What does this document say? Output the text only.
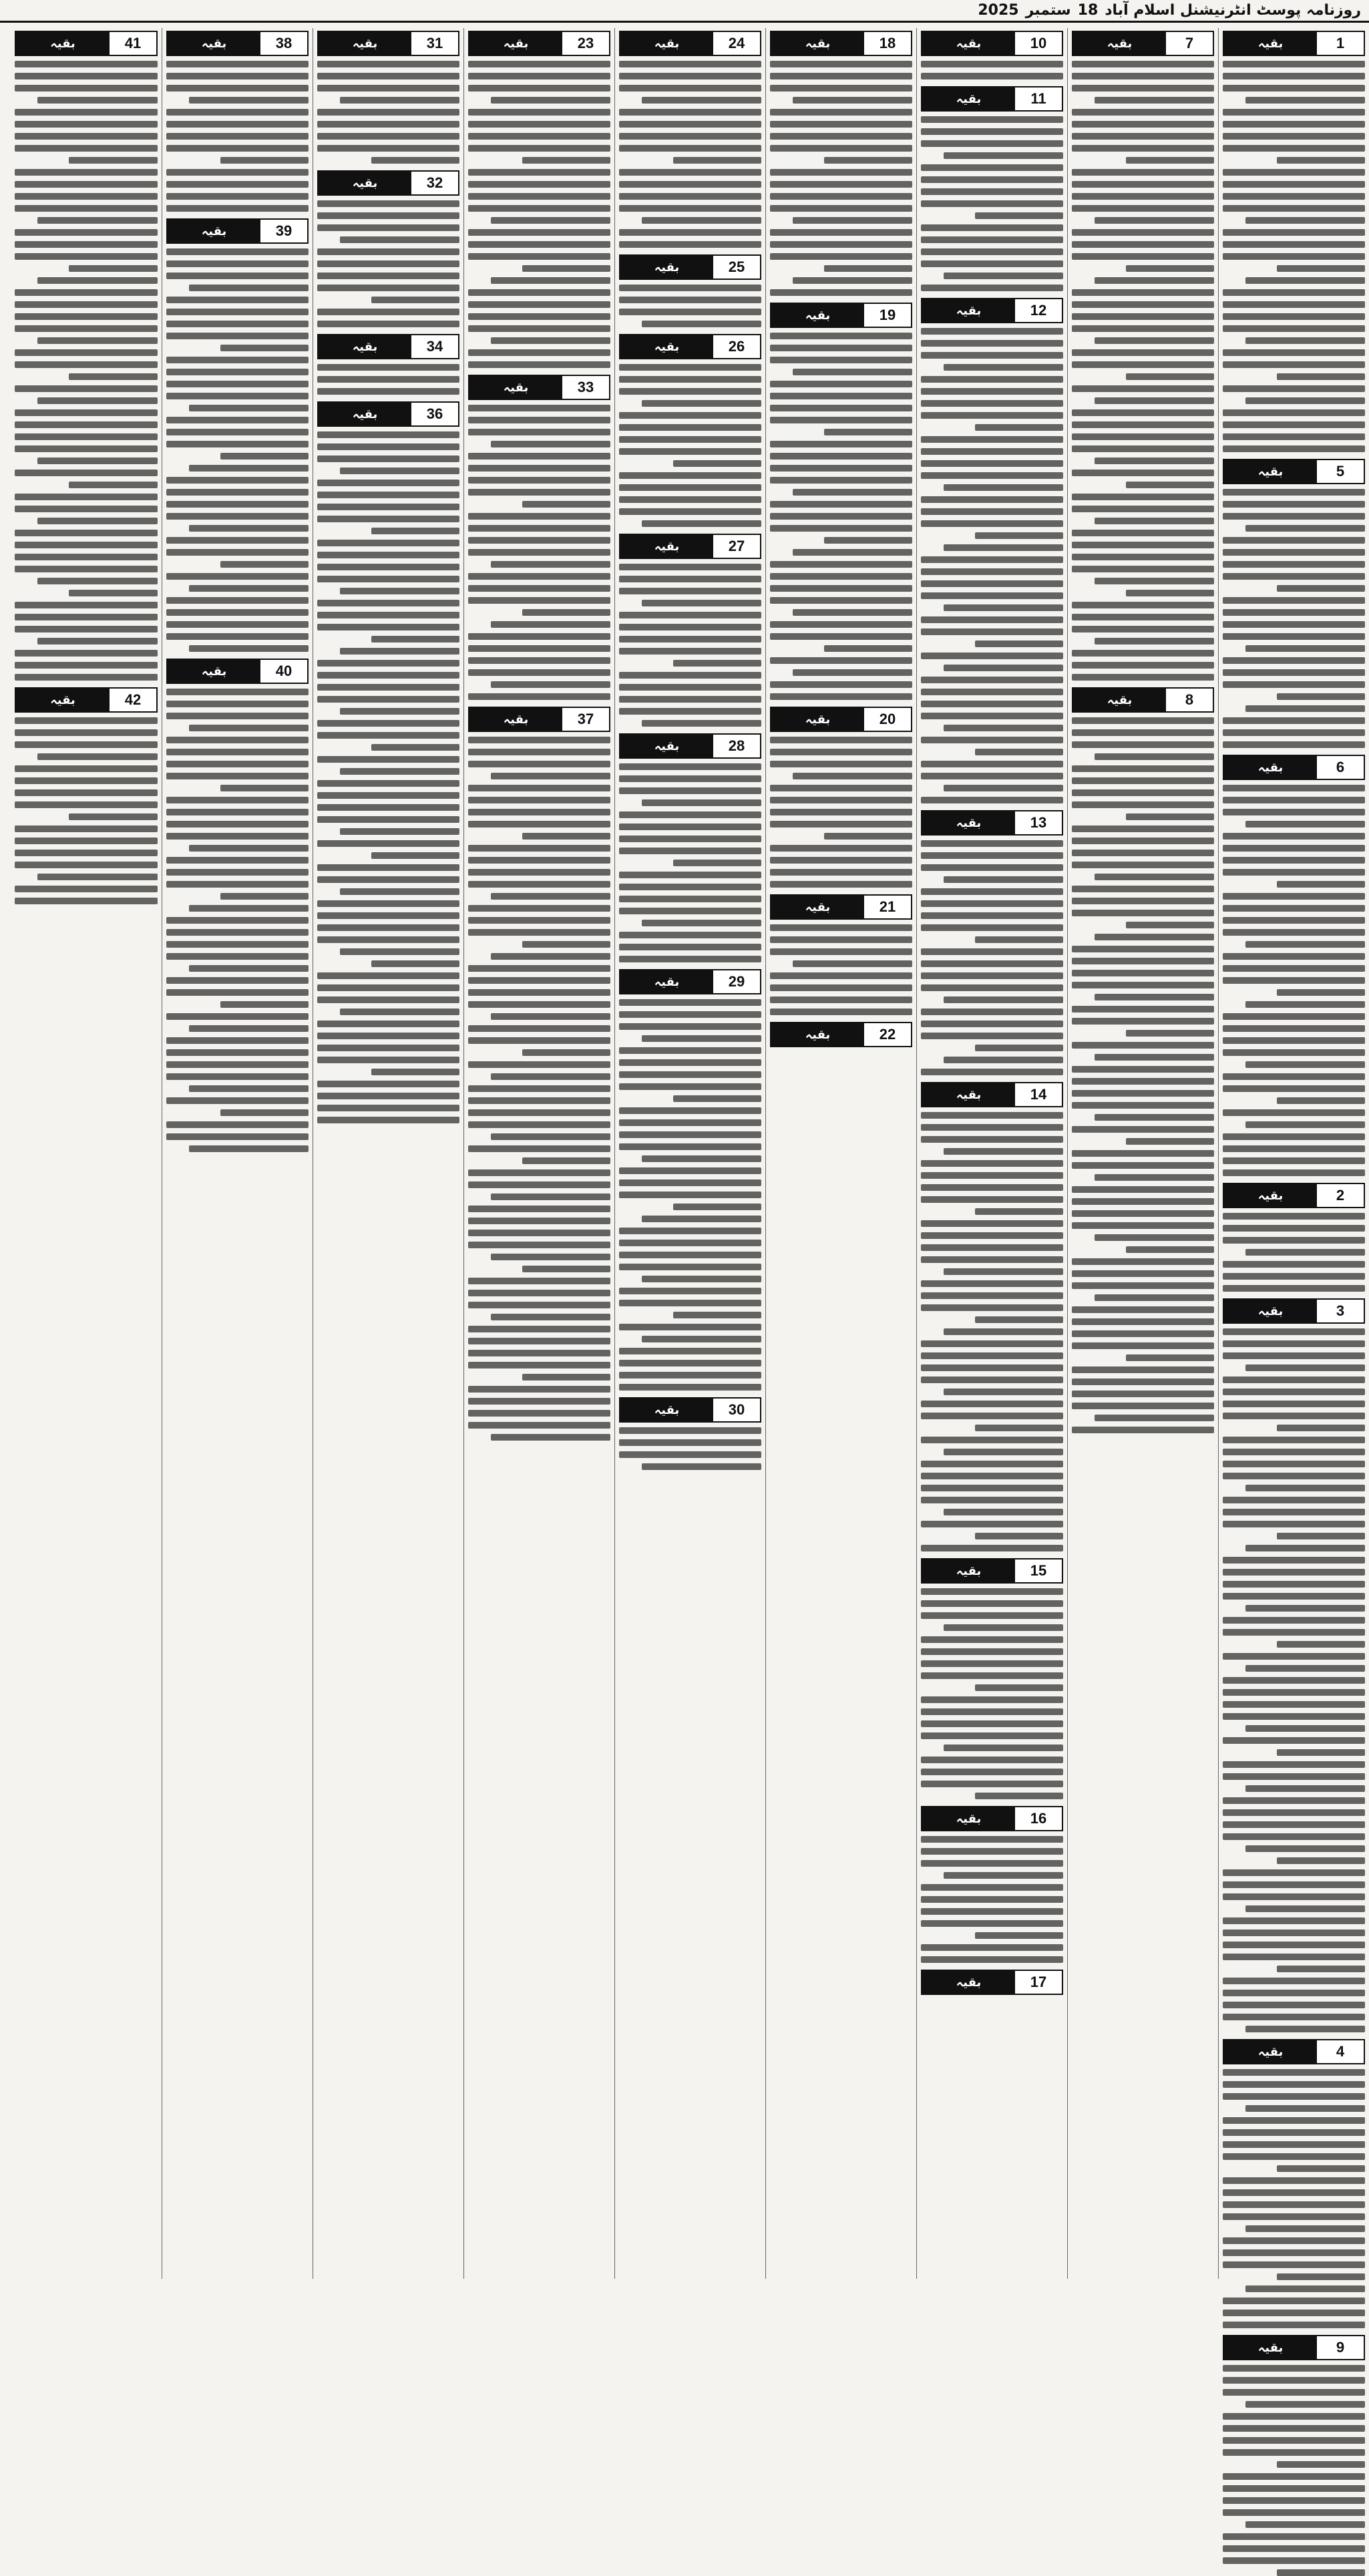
روزنامہ پوسٹ انٹرنیشنل اسلام آباد
18
ستمبر
2025
1
بقیہ
5
بقیہ
6
بقیہ
2
بقیہ
3
بقیہ
4
بقیہ
9
بقیہ
7
بقیہ
8
بقیہ
10
بقیہ
11
بقیہ
12
بقیہ
13
بقیہ
14
بقیہ
15
بقیہ
16
بقیہ
17
بقیہ
18
بقیہ
19
بقیہ
20
بقیہ
21
بقیہ
22
بقیہ
24
بقیہ
25
بقیہ
26
بقیہ
27
بقیہ
28
بقیہ
29
بقیہ
30
بقیہ
23
بقیہ
33
بقیہ
37
بقیہ
31
بقیہ
32
بقیہ
34
بقیہ
36
بقیہ
38
بقیہ
39
بقیہ
40
بقیہ
41
بقیہ
42
بقیہ
